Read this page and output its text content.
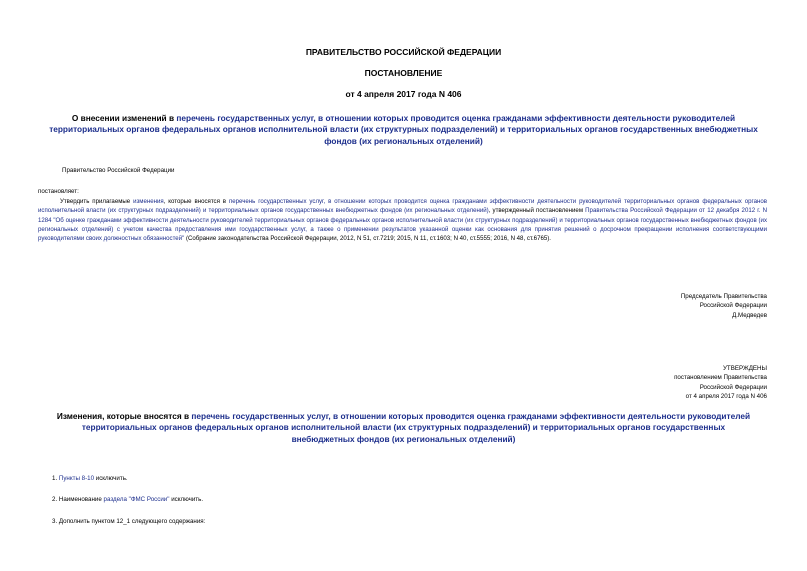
ПРАВИТЕЛЬСТВО РОССИЙСКОЙ ФЕДЕРАЦИИ
ПОСТАНОВЛЕНИЕ
от 4 апреля 2017 года N 406
О внесении изменений в перечень государственных услуг, в отношении которых проводится оценка гражданами эффективности деятельности руководителей территориальных органов федеральных органов исполнительной власти (их структурных подразделений) и территориальных органов государственных внебюджетных фондов (их региональных отделений)
Правительство Российской Федерации
постановляет:
Утвердить прилагаемые изменения, которые вносятся в перечень государственных услуг, в отношении которых проводится оценка гражданами эффективности деятельности руководителей территориальных органов федеральных органов исполнительной власти (их структурных подразделений) и территориальных органов государственных внебюджетных фондов (их региональных отделений), утвержденный постановлением Правительства Российской Федерации от 12 декабря 2012 г. N 1284 "Об оценке гражданами эффективности деятельности руководителей территориальных органов федеральных органов исполнительной власти (их структурных подразделений) и территориальных органов государственных внебюджетных фондов (их региональных отделений) с учетом качества предоставления ими государственных услуг, а также о применении результатов указанной оценки как основания для принятия решений о досрочном прекращении исполнения соответствующими руководителями своих должностных обязанностей" (Собрание законодательства Российской Федерации, 2012, N 51, ст.7219; 2015, N 11, ст.1603; N 40, ст.5555; 2016, N 48, ст.6765).
Председатель Правительства
Российской Федерации
Д.Медведев
УТВЕРЖДЕНЫ
постановлением Правительства
Российской Федерации
от 4 апреля 2017 года N 406
Изменения, которые вносятся в перечень государственных услуг, в отношении которых проводится оценка гражданами эффективности деятельности руководителей территориальных органов федеральных органов исполнительной власти (их структурных подразделений) и территориальных органов государственных внебюджетных фондов (их региональных отделений)
1. Пункты 8-10 исключить.
2. Наименование раздела "ФМС России" исключить.
3. Дополнить пунктом 12_1 следующего содержания:
